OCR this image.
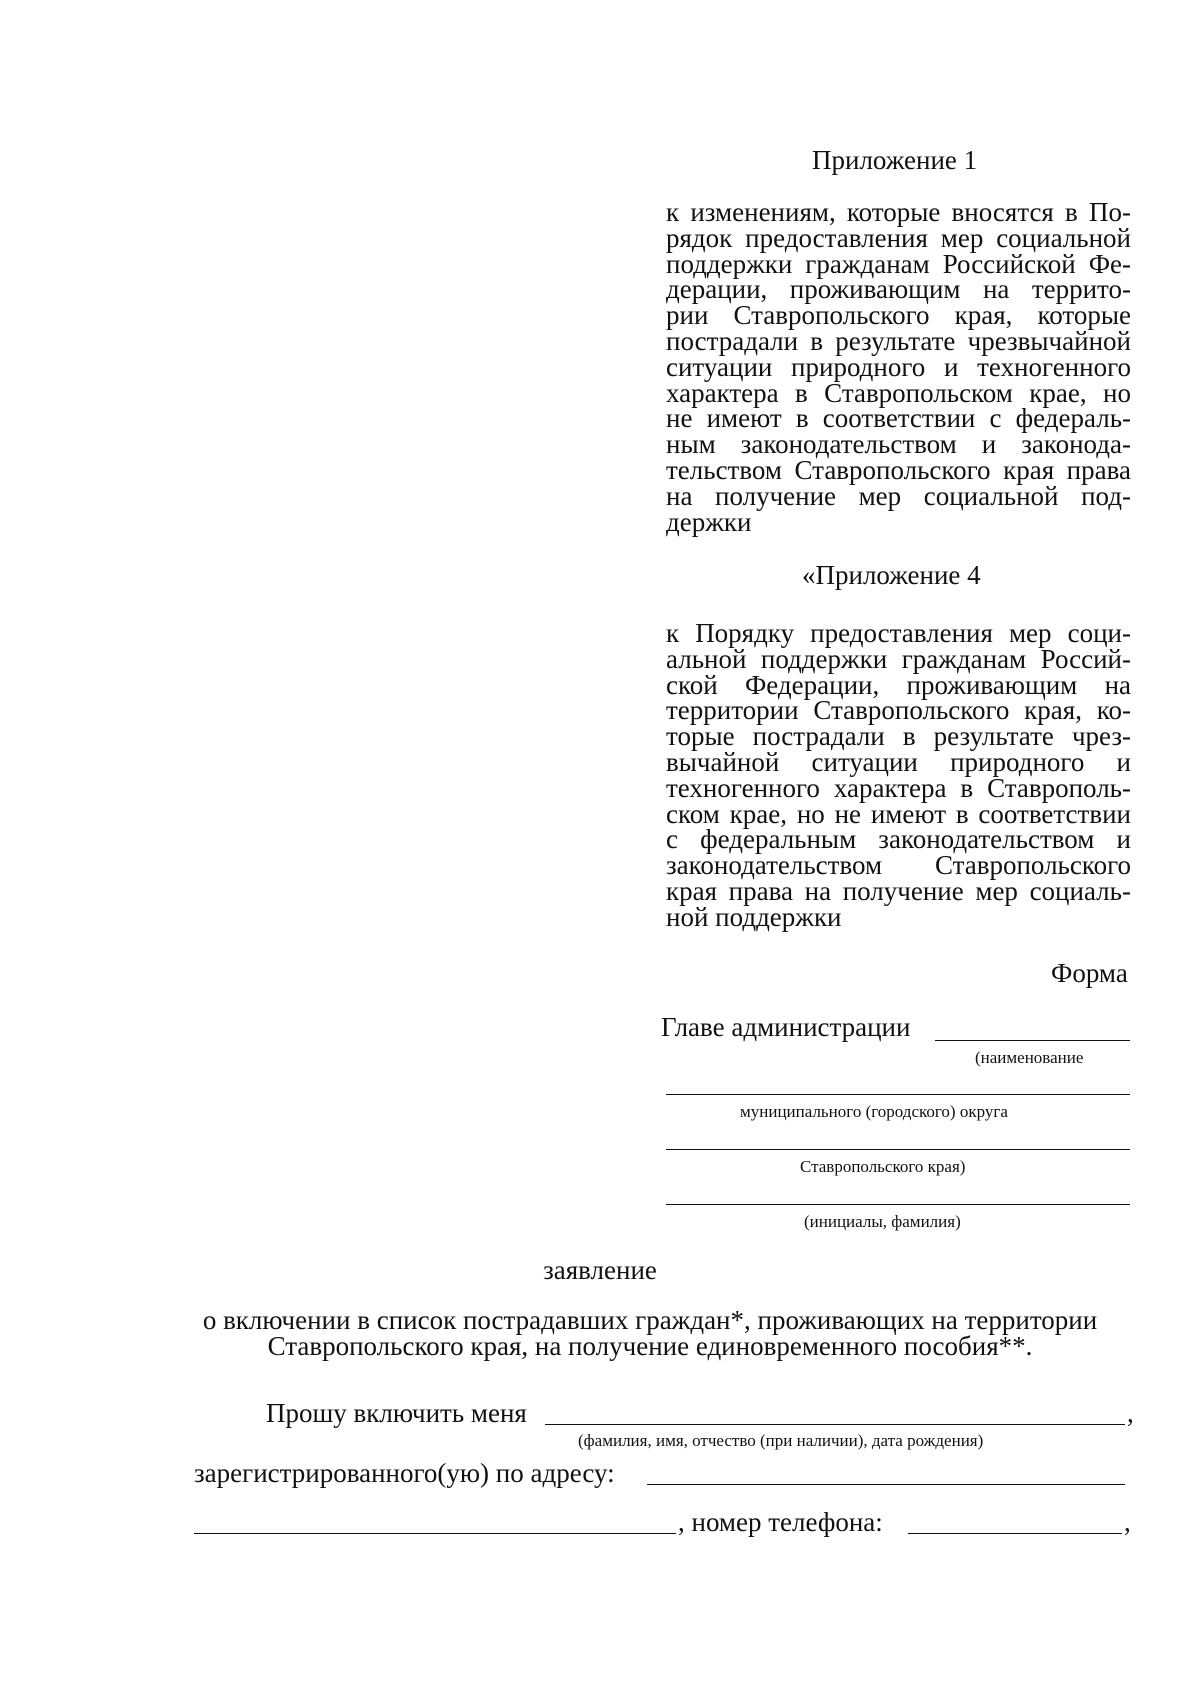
Приложение 1
к изменениям, которые вносятся в По-
рядок предоставления мер социальной
поддержки гражданам Российской Фе-
дерации, проживающим на террито-
рии Ставропольского края, которые
пострадали в результате чрезвычайной
ситуации природного и техногенного
характера в Ставропольском крае, но
не имеют в соответствии с федераль-
ным законодательством и законода-
тельством Ставропольского края права
на получение мер социальной под-
держки
«Приложение 4
к Порядку предоставления мер соци-
альной поддержки гражданам Россий-
ской Федерации, проживающим на
территории Ставропольского края, ко-
торые пострадали в результате чрез-
вычайной ситуации природного и
техногенного характера в Ставрополь-
ском крае, но не имеют в соответствии
с федеральным законодательством и
законодательством Ставропольского
края права на получение мер социаль-
ной поддержки
Форма
Главе администрации
(наименование
муниципального (городского) округа
Ставропольского края)
(инициалы, фамилия)
заявление
о включении в список пострадавших граждан*, проживающих на территории
Ставропольского края, на получение единовременного пособия**.
Прошу включить меня	,
(фамилия, имя, отчество (при наличии), дата рождения)
зарегистрированного(ую) по адресу:
, номер телефона:	,
